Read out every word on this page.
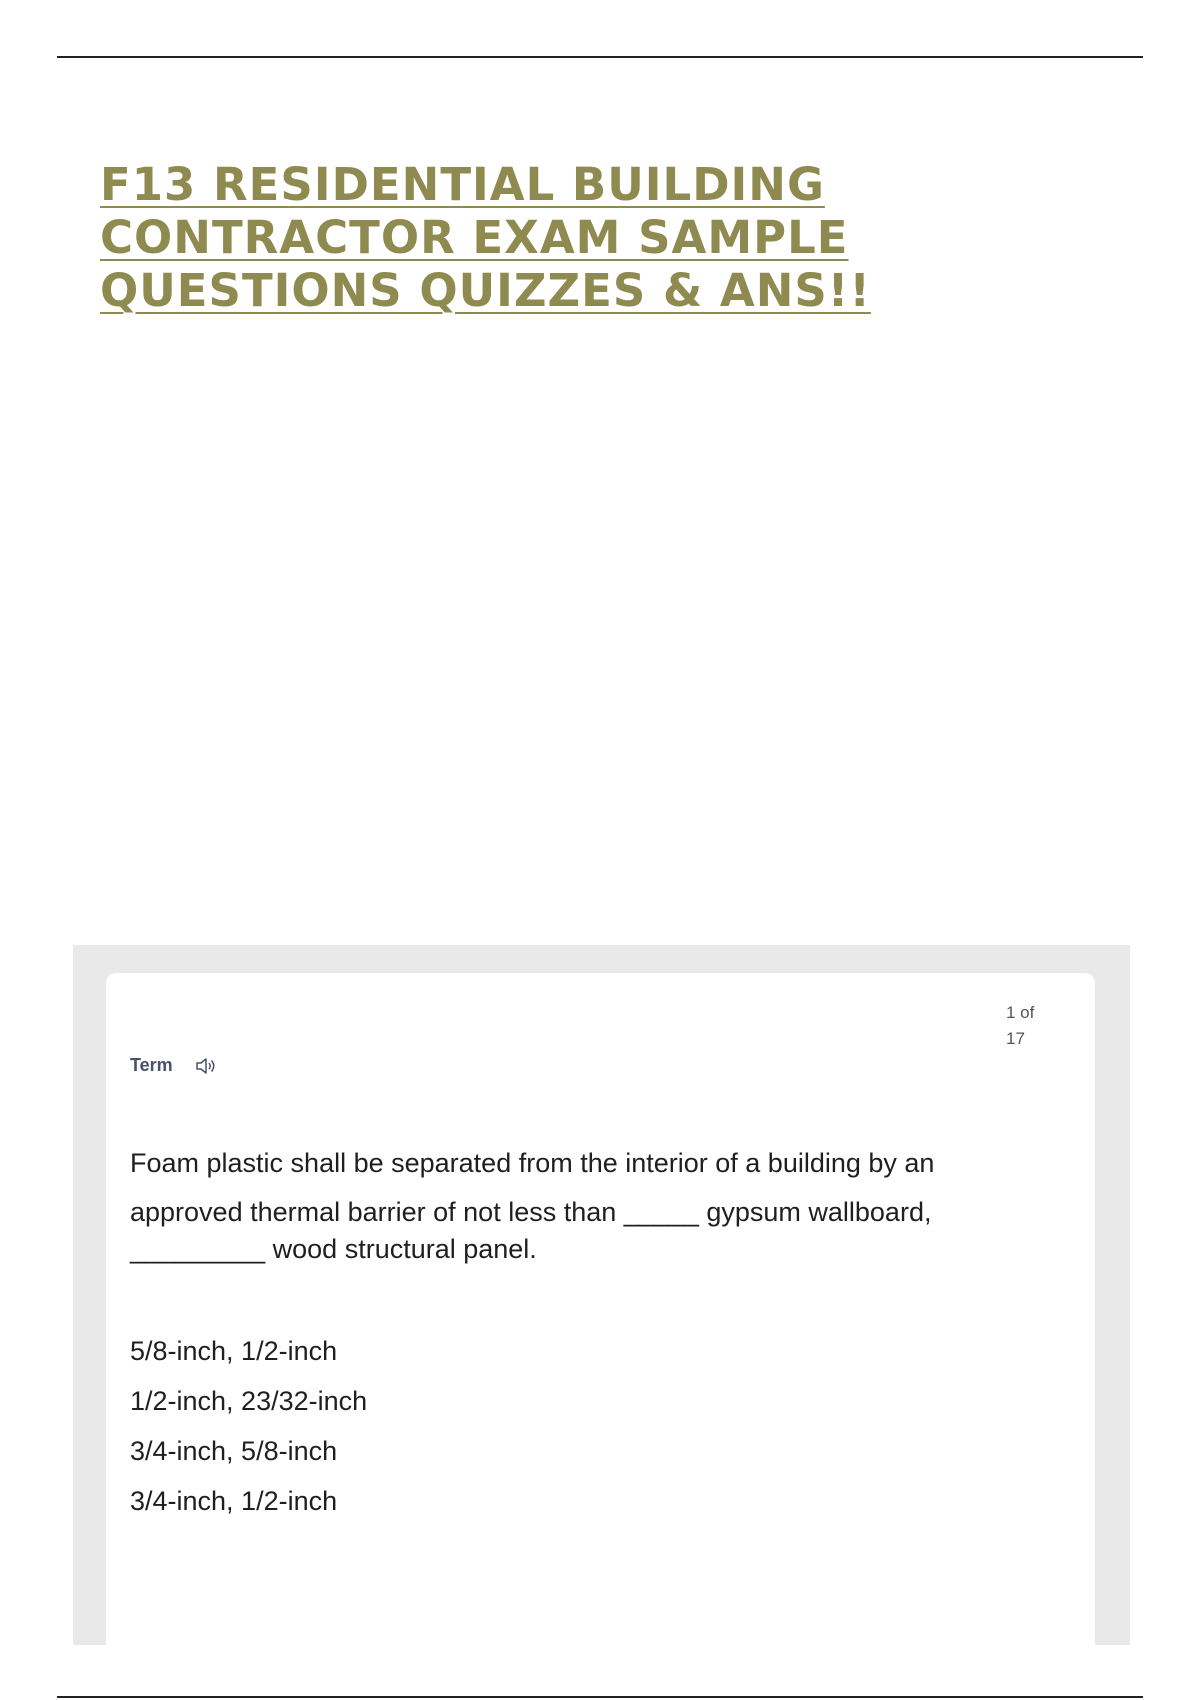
F13 RESIDENTIAL BUILDING
CONTRACTOR EXAM SAMPLE
QUESTIONS QUIZZES & ANS!!
1 of
17
Term

Foam plastic shall be separated from the interior of a building by an
approved thermal barrier of not less than _____ gypsum wallboard,
_________ wood structural panel.

5/8-inch, 1/2-inch
1/2-inch, 23/32-inch
3/4-inch, 5/8-inch
3/4-inch, 1/2-inch
